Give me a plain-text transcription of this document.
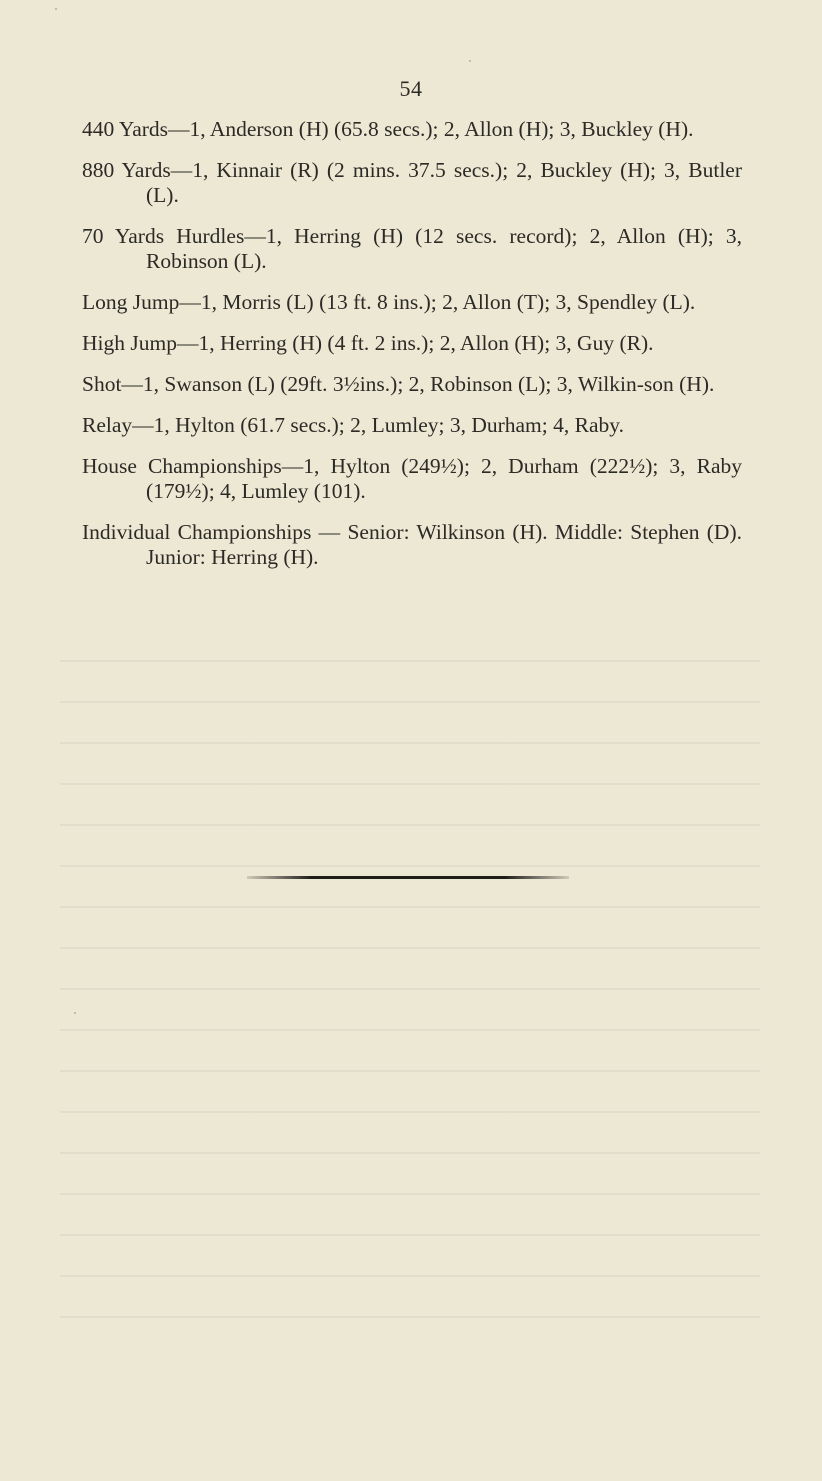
54

440 Yards—1, Anderson (H) (65.8 secs.); 2, Allon (H); 3, Buckley (H).

880 Yards—1, Kinnair (R) (2 mins. 37.5 secs.); 2, Buckley (H); 3, Butler (L).

70 Yards Hurdles—1, Herring (H) (12 secs. record); 2, Allon (H); 3, Robinson (L).

Long Jump—1, Morris (L) (13 ft. 8 ins.); 2, Allon (T); 3, Spendley (L).

High Jump—1, Herring (H) (4 ft. 2 ins.); 2, Allon (H); 3, Guy (R).

Shot—1, Swanson (L) (29ft. 3½ins.); 2, Robinson (L); 3, Wilkin-son (H).

Relay—1, Hylton (61.7 secs.); 2, Lumley; 3, Durham; 4, Raby.

House Championships—1, Hylton (249½); 2, Durham (222½); 3, Raby (179½); 4, Lumley (101).

Individual Championships — Senior: Wilkinson (H). Middle: Stephen (D). Junior: Herring (H).
